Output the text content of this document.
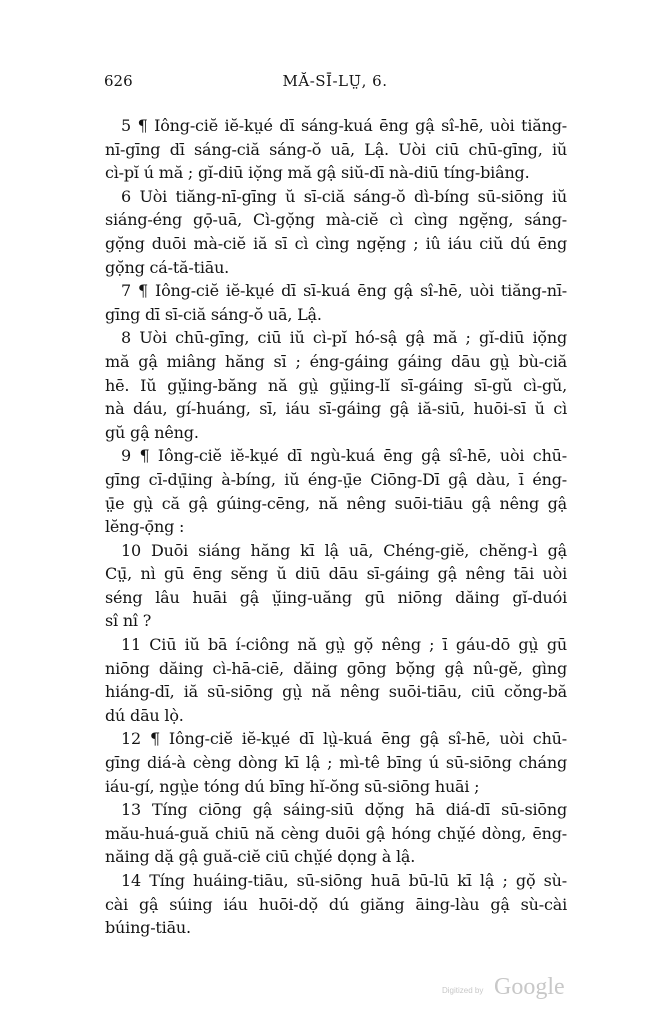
626	MĂ-SĪ-LṲ̄, 6.
5 ¶ Iông-ciĕ iĕ-kṳé dī sáng-kuá ēng gậ sî-hē, uòi tiăng-
nī-gīng dī sáng-ciă sáng-ŏ uā, Lậ. Uòi ciū chū-gīng, iŭ
cì-pĭ ú mă ; gĭ-diū iọ̆ng mă gậ siŭ-dī nà-diū tíng-biâng.
6 Uòi tiăng-nī-gīng ŭ sī-ciă sáng-ŏ dì-bíng sū-siōng iŭ
siáng-éng gọ̄-uā, Cì-gọ̆ng mà-ciĕ cì cìng ngẹ̆ng, sáng-
gọ̆ng duōi mà-ciĕ iă sī cì cìng ngẹ̆ng ; iû iáu ciŭ dú ēng
gọ̆ng cá-tă-tiāu.
7 ¶ Iông-ciĕ iĕ-kṳé dī sī-kuá ēng gậ sî-hē, uòi tiăng-nī-
gīng dī sī-ciă sáng-ŏ uā, Lậ.
8 Uòi chū-gīng, ciū iŭ cì-pĭ hó-sậ gậ mă ; gĭ-diū iọ̆ng
mă gậ miâng hăng sī ; éng-gáing gáing dāu gṳ̀ bù-ciă
hē. Iŭ gṳ̆ing-băng nă gṳ̀ gṳ̆ing-lĭ sī-gáing sī-gŭ cì-gŭ,
nà dáu, gí-huáng, sī, iáu sī-gáing gậ iă-siū, huōi-sī ŭ cì
gŭ gậ nêng.
9 ¶ Iông-ciĕ iĕ-kṳé dī ngù-kuá ēng gậ sî-hē, uòi chū-
gīng cī-dṳ̄ing à-bíng, iŭ éng-ṳ̄e Ciōng-Dī gậ dàu, ī éng-
ṳ̄e gṳ̀ că gậ gúing-cēng, nă nêng suōi-tiāu gậ nêng gậ
lĕng-ọ̄ng :
10 Duōi siáng hăng kī lậ uā, Chéng-giĕ, chĕng-ì gậ
Cṳ̄, nì gū ēng sĕng ŭ diū dāu sī-gáing gậ nêng tāi uòi
séng lâu huāi gậ ṳ̆ing-uăng gū niōng dăing gĭ-duói
sî nî ?
11 Ciū iŭ bā í-ciông nă gṳ̀ gọ̆ nêng ; ī gáu-dō gṳ̀ gū
niōng dăing cì-hā-ciē, dăing gōng bọ̆ng gậ nû-gĕ, gìng
hiáng-dī, iă sū-siōng gṳ̀ nă nêng suōi-tiāu, ciū cŏng-bă
dú dāu lọ̀.
12 ¶ Iông-ciĕ iĕ-kṳé dī lṳ̀-kuá ēng gậ sî-hē, uòi chū-
gīng diá-à cèng dòng kī lậ ; mì-tê bīng ú sū-siōng cháng
iáu-gí, ngṳ̀e tóng dú bīng hĭ-ŏng sū-siōng huāi ;
13 Tíng ciōng gậ sáing-siū dọ̆ng hā diá-dī sū-siōng
mău-huá-guă chiū nă cèng duōi gậ hóng chṳ̆é dòng, ēng-
năing dặ gậ guă-ciĕ ciū chṳ̆é dọng à lậ.
14 Tíng huáing-tiāu, sū-siōng huā bū-lū kī lậ ; gọ̆ sù-
cài gậ súing iáu huōi-dọ̆ dú giăng āing-làu gậ sù-cài
búing-tiāu.
Digitized by Google
